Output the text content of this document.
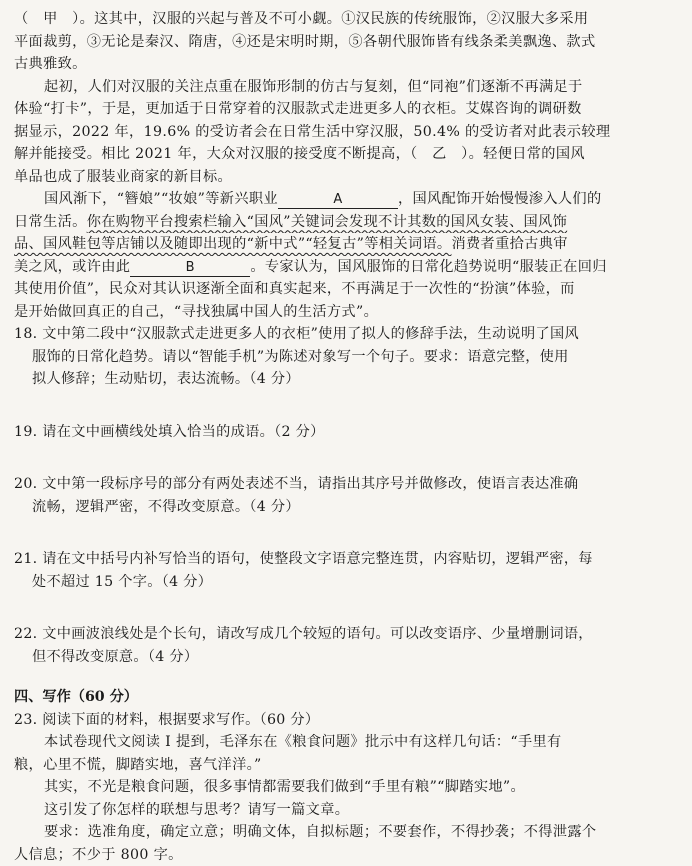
（　甲　）。这其中，汉服的兴起与普及不可小觑。①汉民族的传统服饰，②汉服大多采用
平面裁剪，③无论是秦汉、隋唐，④还是宋明时期，⑤各朝代服饰皆有线条柔美飘逸、款式
古典雅致。
起初，人们对汉服的关注点重在服饰形制的仿古与复刻，但“同袍”们逐渐不再满足于
体验“打卡”，于是，更加适于日常穿着的汉服款式走进更多人的衣柜。艾媒咨询的调研数
据显示，2022 年，19.6% 的受访者会在日常生活中穿汉服，50.4% 的受访者对此表示较理
解并能接受。相比 2021 年，大众对汉服的接受度不断提高，（　乙　）。轻便日常的国风
单品也成了服装业商家的新目标。
国风渐下，“簪娘”“妆娘”等新兴职业	A	，国风配饰开始慢慢渗入人们的
日常生活。你在购物平台搜索栏输入“国风”关键词会发现不计其数的国风女装、国风饰
品、国风鞋包等店铺以及随即出现的“新中式”“轻复古”等相关词语。消费者重拾古典审
美之风，或许由此	B	。专家认为，国风服饰的日常化趋势说明“服装正在回归
其使用价值”，民众对其认识逐渐全面和真实起来，不再满足于一次性的“扮演”体验，而
是开始做回真正的自己，“寻找独属中国人的生活方式”。
18. 文中第二段中“汉服款式走进更多人的衣柜”使用了拟人的修辞手法，生动说明了国风
服饰的日常化趋势。请以“智能手机”为陈述对象写一个句子。要求：语意完整，使用
拟人修辞；生动贴切，表达流畅。（4 分）
19. 请在文中画横线处填入恰当的成语。（2 分）
20. 文中第一段标序号的部分有两处表述不当，请指出其序号并做修改，使语言表达准确
流畅，逻辑严密，不得改变原意。（4 分）
21. 请在文中括号内补写恰当的语句，使整段文字语意完整连贯，内容贴切，逻辑严密，每
处不超过 15 个字。（4 分）
22. 文中画波浪线处是个长句，请改写成几个较短的语句。可以改变语序、少量增删词语，
但不得改变原意。（4 分）
四、写作（60 分）
23. 阅读下面的材料，根据要求写作。（60 分）
本试卷现代文阅读 Ⅰ 提到，毛泽东在《粮食问题》批示中有这样几句话：“手里有
粮，心里不慌，脚踏实地，喜气洋洋。”
其实，不光是粮食问题，很多事情都需要我们做到“手里有粮”“脚踏实地”。
这引发了你怎样的联想与思考？请写一篇文章。
要求：选准角度，确定立意；明确文体，自拟标题；不要套作，不得抄袭；不得泄露个
人信息；不少于 800 字。
